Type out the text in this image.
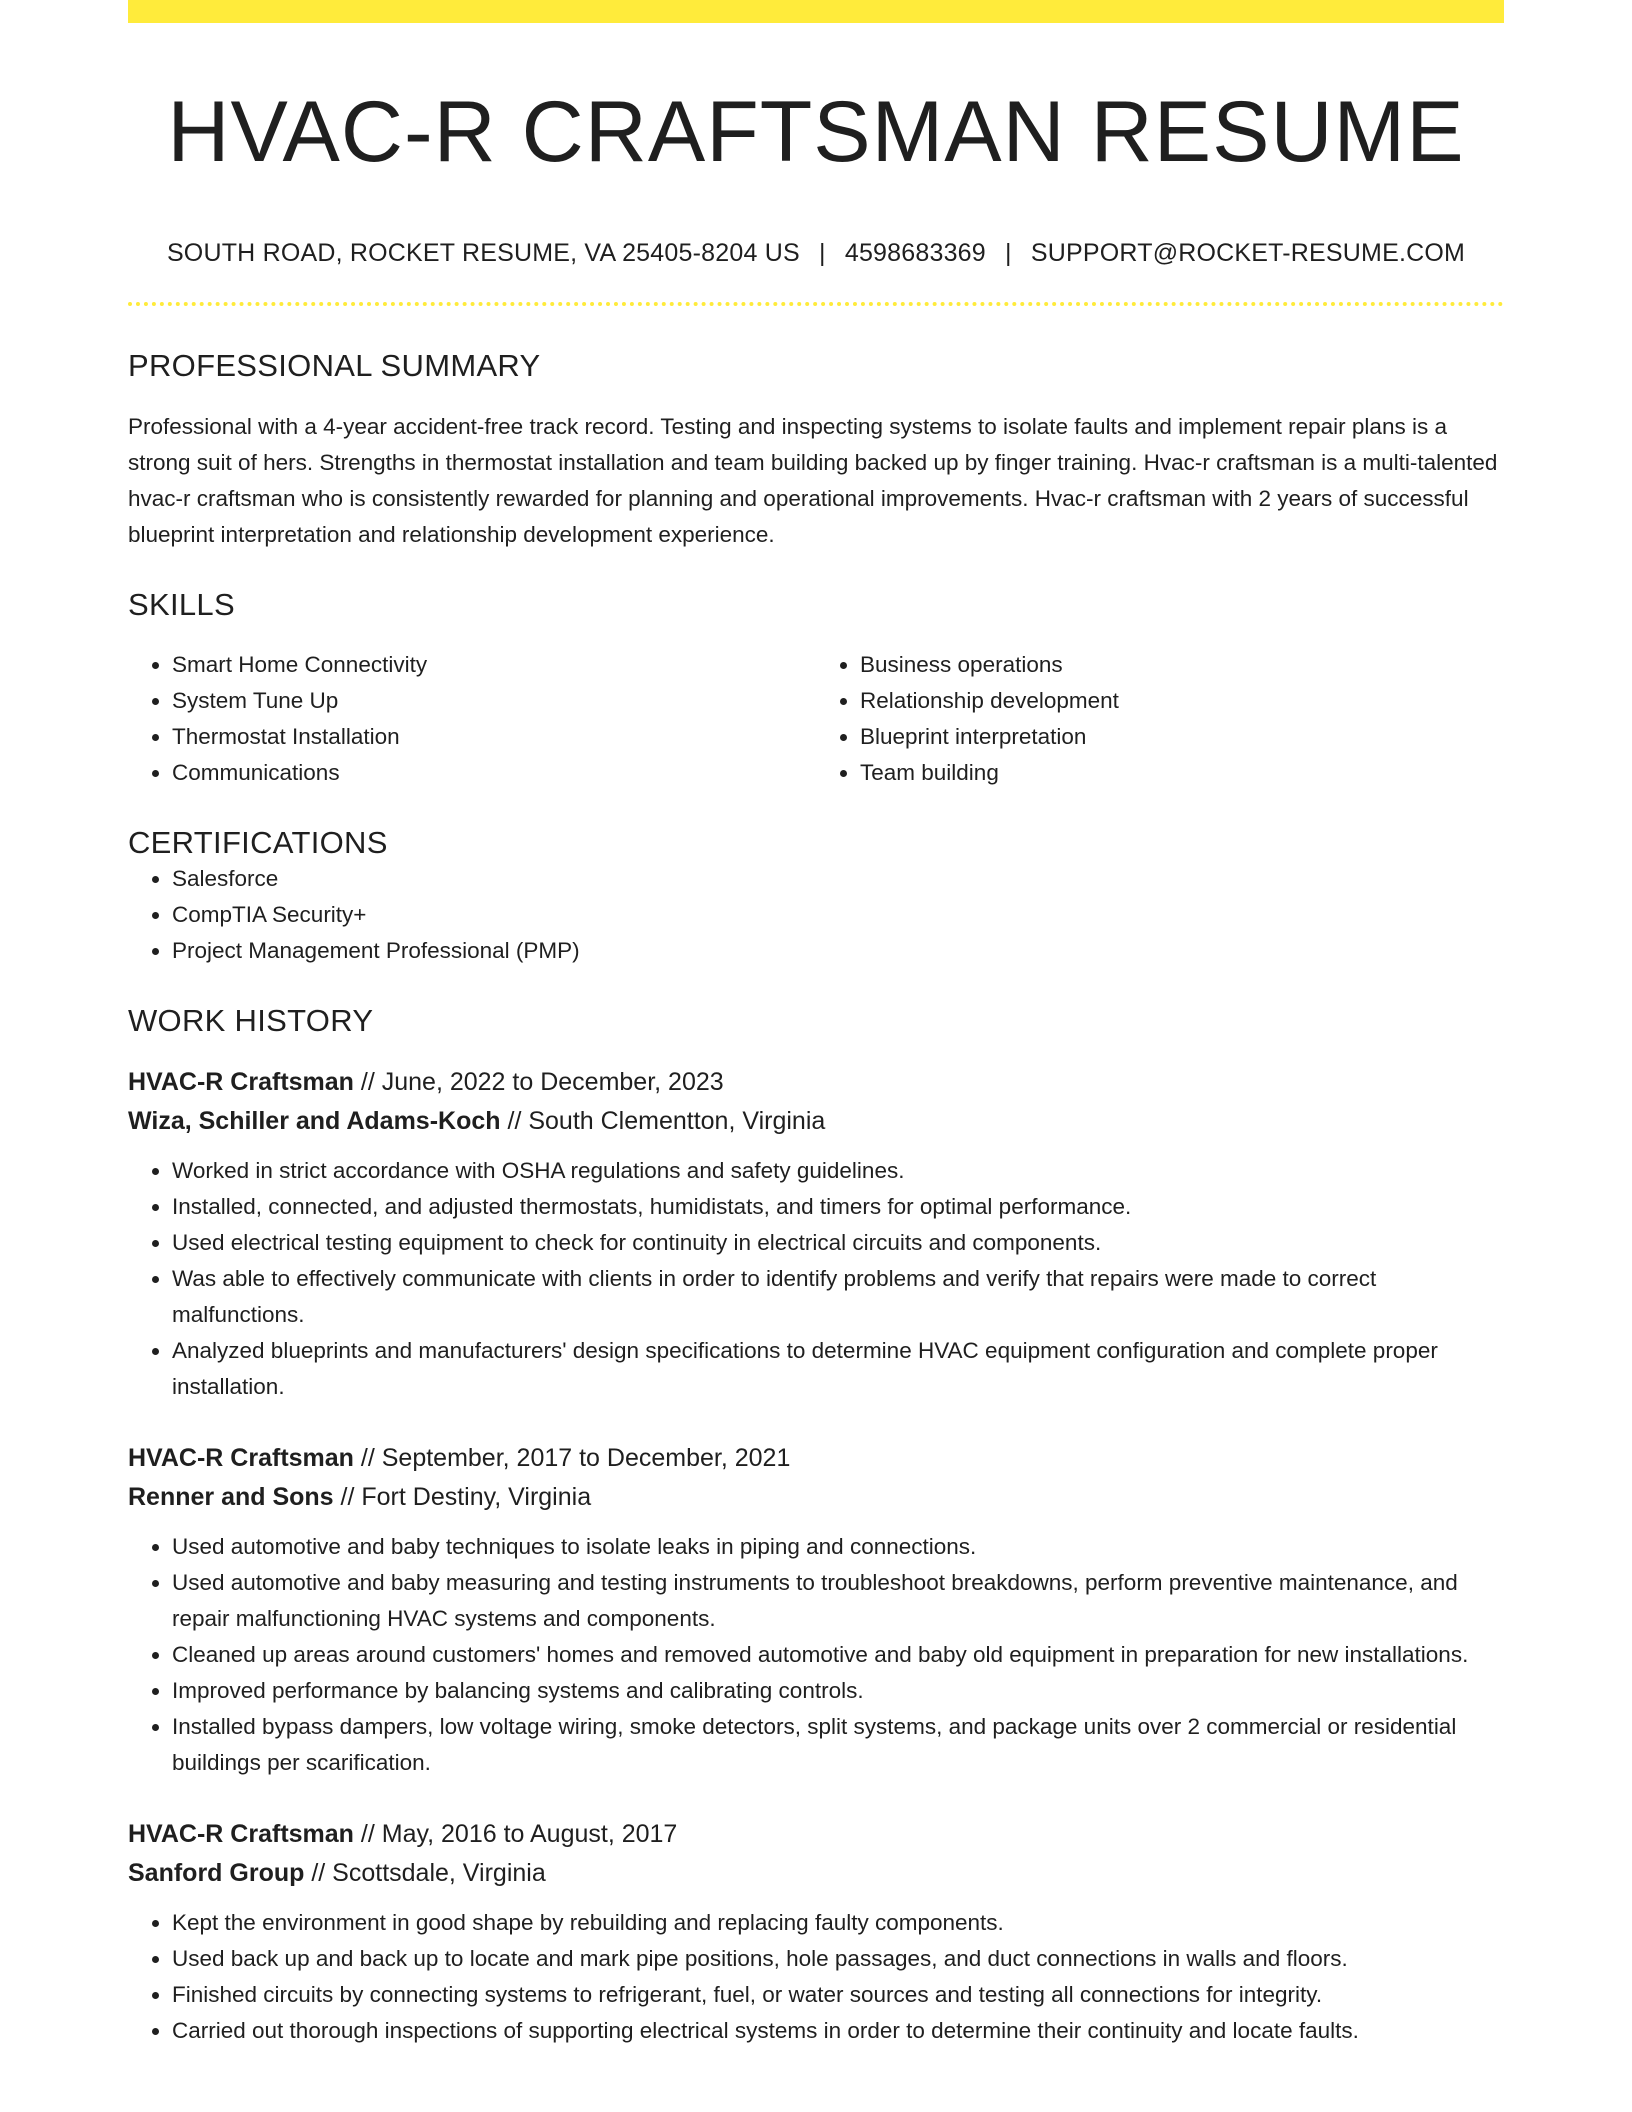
HVAC-R CRAFTSMAN RESUME
SOUTH ROAD, ROCKET RESUME, VA 25405-8204 US | 4598683369 | SUPPORT@ROCKET-RESUME.COM
PROFESSIONAL SUMMARY

Professional with a 4-year accident-free track record. Testing and inspecting systems to isolate faults and implement repair plans is a strong suit of hers. Strengths in thermostat installation and team building backed up by finger training. Hvac-r craftsman is a multi-talented hvac-r craftsman who is consistently rewarded for planning and operational improvements. Hvac-r craftsman with 2 years of successful blueprint interpretation and relationship development experience.

SKILLS
• Smart Home Connectivity
• System Tune Up
• Thermostat Installation
• Communications
• Business operations
• Relationship development
• Blueprint interpretation
• Team building
CERTIFICATIONS
• Salesforce
• CompTIA Security+
• Project Management Professional (PMP)
WORK HISTORY
HVAC-R Craftsman // June, 2022 to December, 2023
Wiza, Schiller and Adams-Koch // South Clementton, Virginia
• Worked in strict accordance with OSHA regulations and safety guidelines.
• Installed, connected, and adjusted thermostats, humidistats, and timers for optimal performance.
• Used electrical testing equipment to check for continuity in electrical circuits and components.
• Was able to effectively communicate with clients in order to identify problems and verify that repairs were made to correct malfunctions.
• Analyzed blueprints and manufacturers' design specifications to determine HVAC equipment configuration and complete proper installation.
HVAC-R Craftsman // September, 2017 to December, 2021
Renner and Sons // Fort Destiny, Virginia
• Used automotive and baby techniques to isolate leaks in piping and connections.
• Used automotive and baby measuring and testing instruments to troubleshoot breakdowns, perform preventive maintenance, and repair malfunctioning HVAC systems and components.
• Cleaned up areas around customers' homes and removed automotive and baby old equipment in preparation for new installations.
• Improved performance by balancing systems and calibrating controls.
• Installed bypass dampers, low voltage wiring, smoke detectors, split systems, and package units over 2 commercial or residential buildings per scarification.
HVAC-R Craftsman // May, 2016 to August, 2017
Sanford Group // Scottsdale, Virginia
• Kept the environment in good shape by rebuilding and replacing faulty components.
• Used back up and back up to locate and mark pipe positions, hole passages, and duct connections in walls and floors.
• Finished circuits by connecting systems to refrigerant, fuel, or water sources and testing all connections for integrity.
• Carried out thorough inspections of supporting electrical systems in order to determine their continuity and locate faults.
